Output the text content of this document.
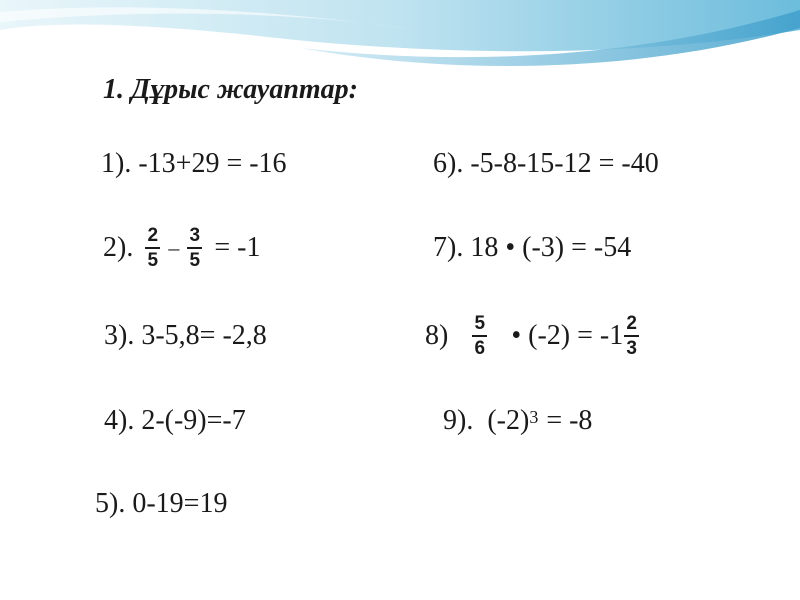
1. Дұрыс жауаптар:
1). -13+29 = -16
2). $\frac{2}{5} - \frac{3}{5} = -1$
3). 3-5,8= -2,8
4). 2-(-9)=-7
5). 0-19=19
6). -5-8-15-12 = -40
7). 18 • (-3) = -54
$8) \frac{5}{6}$ • $(-2) = -1 \frac{2}{3}$
9). $(-2)^3 = -8$
